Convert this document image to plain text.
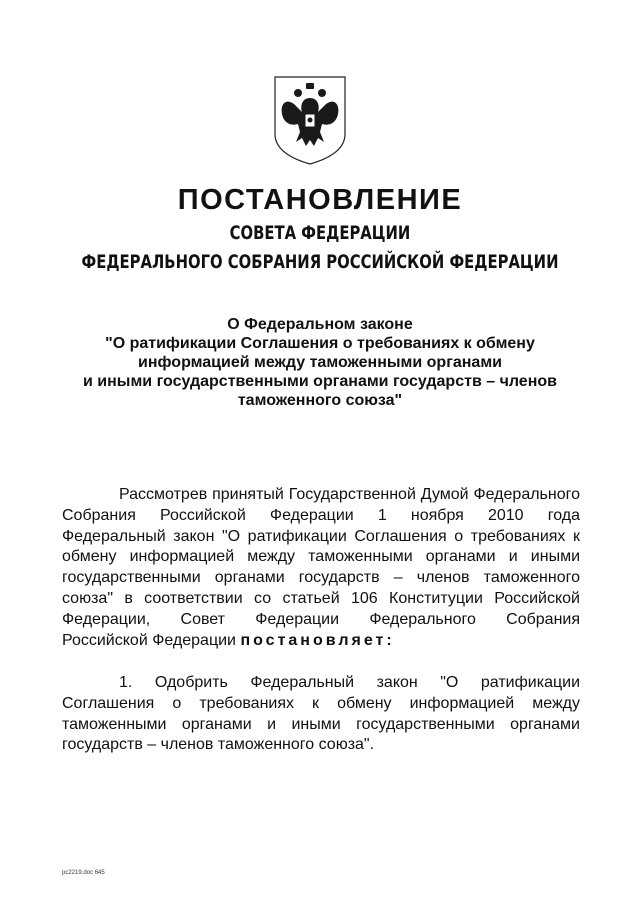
ПОСТАНОВЛЕНИЕ
СОВЕТА ФЕДЕРАЦИИ
ФЕДЕРАЛЬНОГО СОБРАНИЯ РОССИЙСКОЙ ФЕДЕРАЦИИ
О Федеральном законе
"О ратификации Соглашения о требованиях к обмену
информацией между таможенными органами
и иными государственными органами государств – членов
таможенного союза"
Рассмотрев принятый Государственной Думой Федерального
Собрания Российской Федерации 1 ноября 2010 года
Федеральный закон "О ратификации Соглашения о требованиях к
обмену информацией между таможенными органами и иными
государственными органами государств – членов таможенного
союза" в соответствии со статьей 106 Конституции Российской
Федерации, Совет Федерации Федерального Собрания
Российской Федерации постановляет:
1. Одобрить Федеральный закон "О ратификации
Соглашения о требованиях к обмену информацией между
таможенными органами и иными государственными органами
государств – членов таможенного союза".
рс2219.doc 645
